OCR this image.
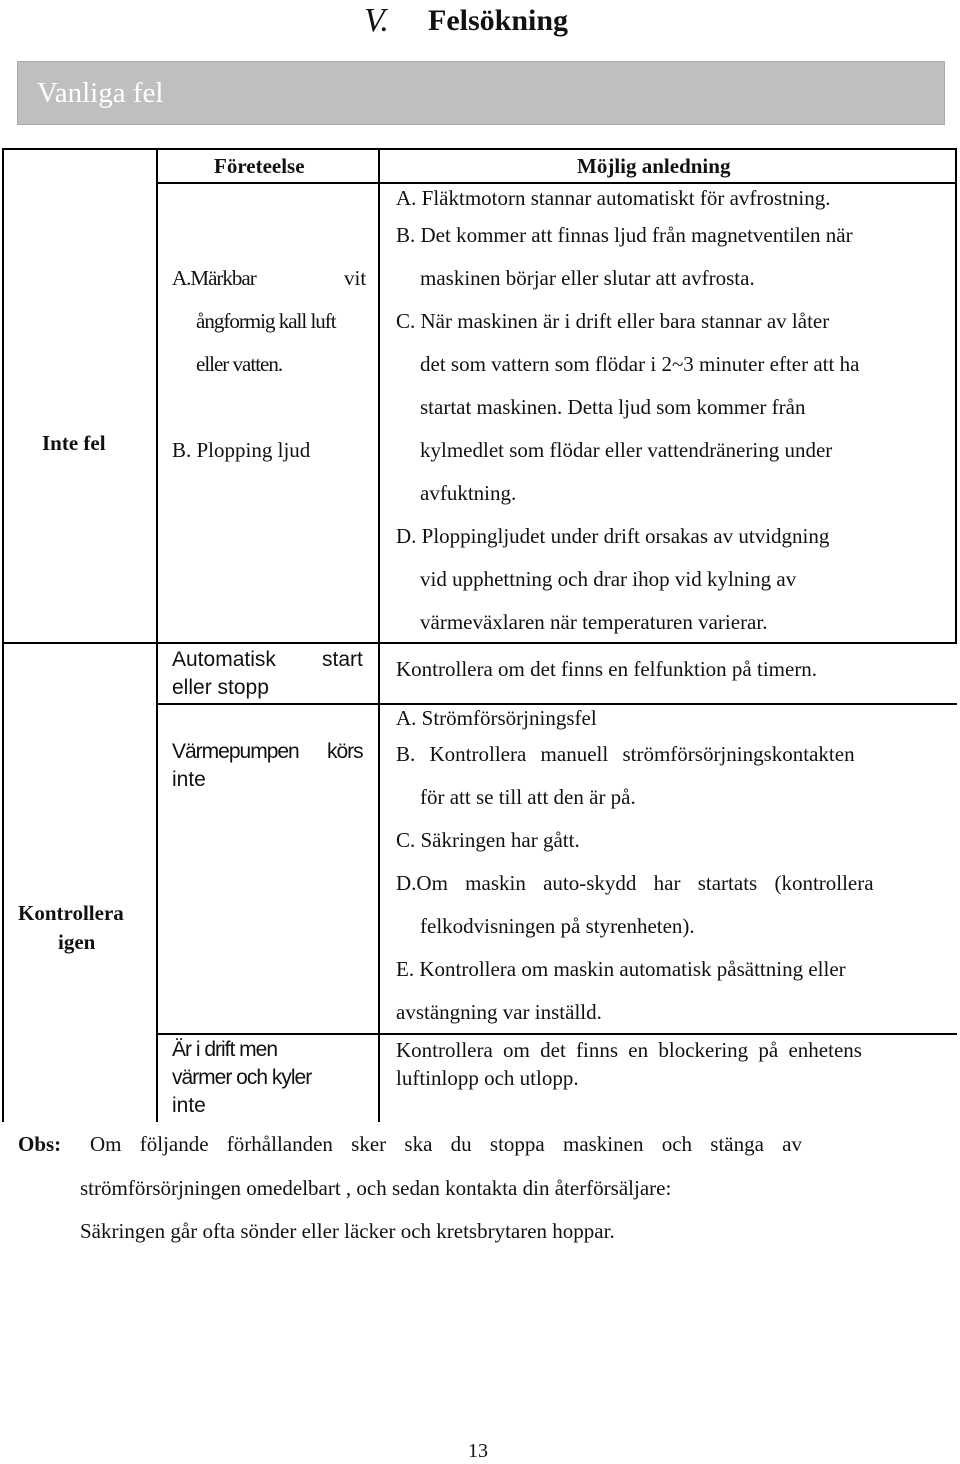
V. Felsökning
Vanliga fel
Företeelse	Möjlig anledning
Inte fel
A.Märkbar	vit
ångformig kall luft
eller vatten.
B. Plopping ljud
A. Fläktmotorn stannar automatiskt för avfrostning.
B. Det kommer att finnas ljud från magnetventilen när
maskinen börjar eller slutar att avfrosta.
C. När maskinen är i drift eller bara stannar av låter
det som vattern som flödar i 2~3 minuter efter att ha
startat maskinen. Detta ljud som kommer från
kylmedlet som flödar eller vattendränering under
avfuktning.
D. Ploppingljudet under drift orsakas av utvidgning
vid upphettning och drar ihop vid kylning av
värmeväxlaren när temperaturen varierar.
Kontrollera
igen
Automatisk start
eller stopp
Kontrollera om det finns en felfunktion på timern.
Värmepumpen körs
inte
A. Strömförsörjningsfel
B. Kontrollera manuell strömförsörjningskontakten
för att se till att den är på.
C. Säkringen har gått.
D.Om maskin auto-skydd har startats (kontrollera
felkodvisningen på styrenheten).
E. Kontrollera om maskin automatisk påsättning eller
avstängning var inställd.
Är i drift men
värmer och kyler
inte
Kontrollera om det finns en blockering på enhetens
luftinlopp och utlopp.
Obs: Om följande förhållanden sker ska du stoppa maskinen och stänga av
strömförsörjningen omedelbart , och sedan kontakta din återförsäljare:
Säkringen går ofta sönder eller läcker och kretsbrytaren hoppar.
13
